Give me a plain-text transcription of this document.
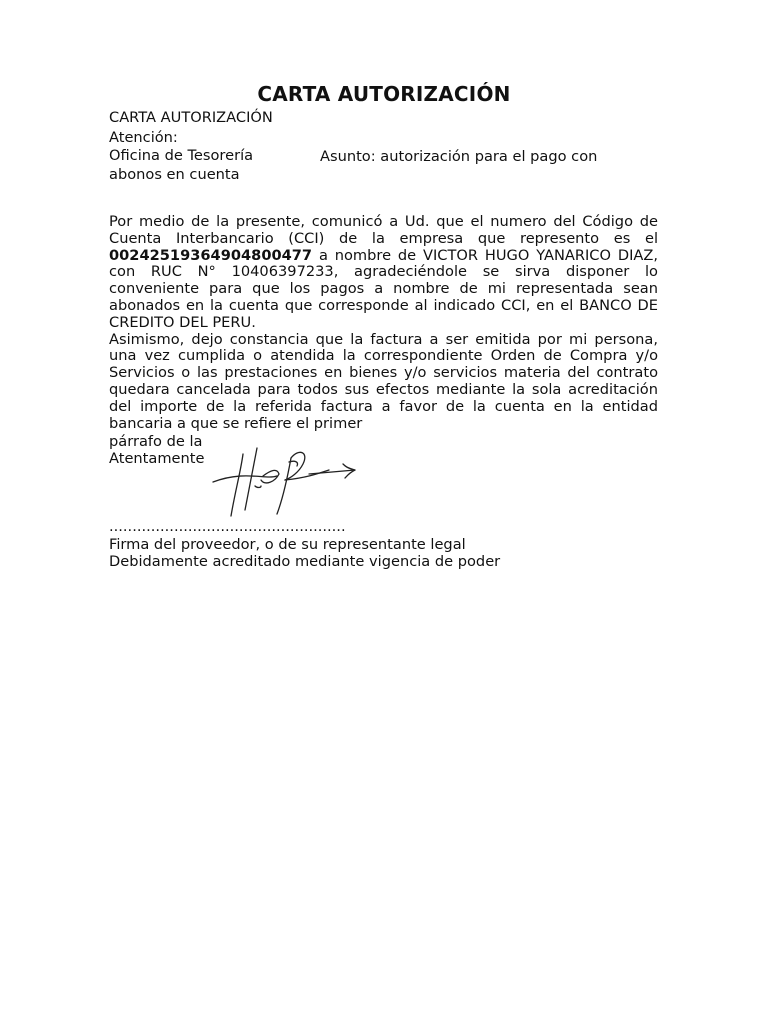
CARTA AUTORIZACIÓN
CARTA AUTORIZACIÓN
Atención:
Oficina de Tesorería	Asunto: autorización para el pago con
abonos en cuenta

Por medio de la presente, comunicó a Ud. que el numero del Código de Cuenta Interbancario (CCI) de la empresa que represento es el 00242519364904800477 a nombre de VICTOR HUGO YANARICO DIAZ, con RUC N° 10406397233, agradeciéndole se sirva disponer lo conveniente para que los pagos a nombre de mi representada sean abonados en la cuenta que corresponde al indicado CCI, en el BANCO DE CREDITO DEL PERU.

Asimismo, dejo constancia que la factura a ser emitida por mi persona, una vez cumplida o atendida la correspondiente Orden de Compra y/o Servicios o las prestaciones en bienes y/o servicios materia del contrato quedara cancelada para todos sus efectos mediante la sola acreditación del importe de la referida factura a favor de la cuenta en la entidad bancaria a que se refiere el primer

párrafo de la
Atentamente
...................................................
Firma del proveedor, o de su representante legal
Debidamente acreditado mediante vigencia de poder
